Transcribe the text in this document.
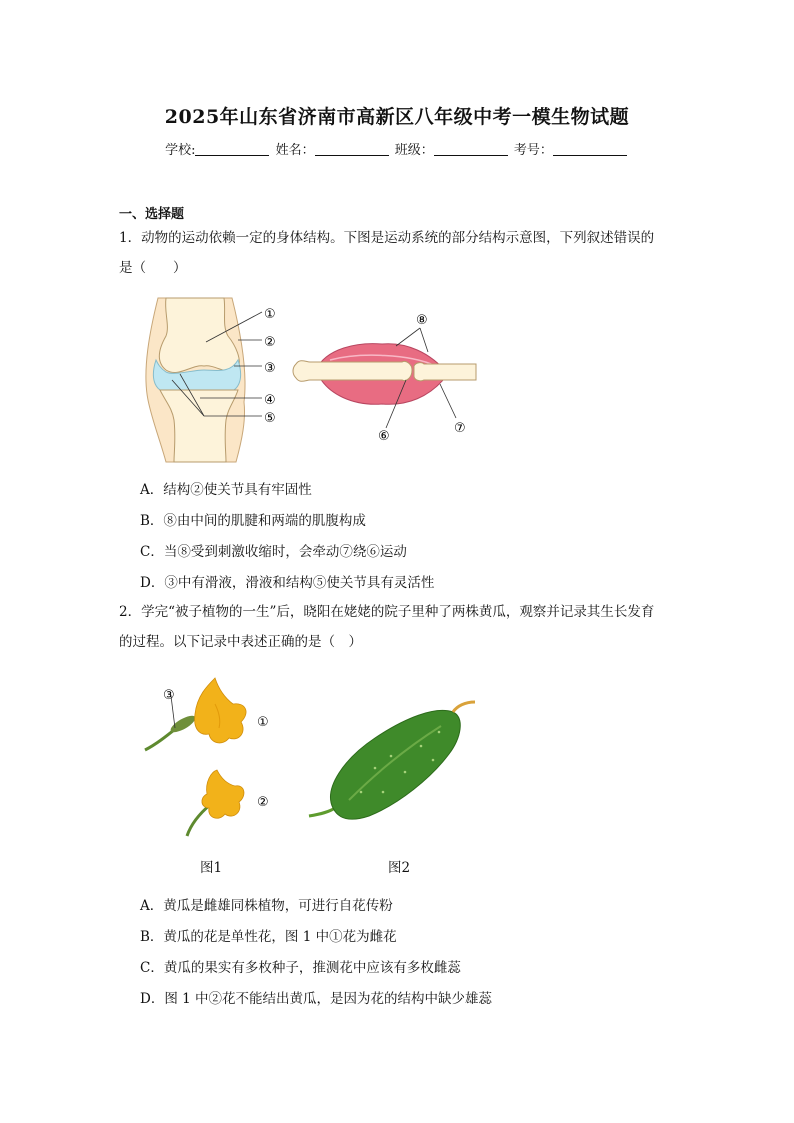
2025年山东省济南市高新区八年级中考一模生物试题
学校:	姓名：	班级：	考号：
一、选择题
1．动物的运动依赖一定的身体结构。下图是运动系统的部分结构示意图，下列叙述错误的
是（　　）
①
②
③
④
⑤
⑧
⑥
⑦
A．结构②使关节具有牢固性
B．⑧由中间的肌腱和两端的肌腹构成
C．当⑧受到刺激收缩时，会牵动⑦绕⑥运动
D．③中有滑液，滑液和结构⑤使关节具有灵活性
2．学完“被子植物的一生”后，晓阳在姥姥的院子里种了两株黄瓜，观察并记录其生长发育
的过程。以下记录中表述正确的是（　）
③
①
②
图1	图2
A．黄瓜是雌雄同株植物，可进行自花传粉
B．黄瓜的花是单性花，图 1 中①花为雌花
C．黄瓜的果实有多枚种子，推测花中应该有多枚雌蕊
D．图 1 中②花不能结出黄瓜，是因为花的结构中缺少雄蕊
